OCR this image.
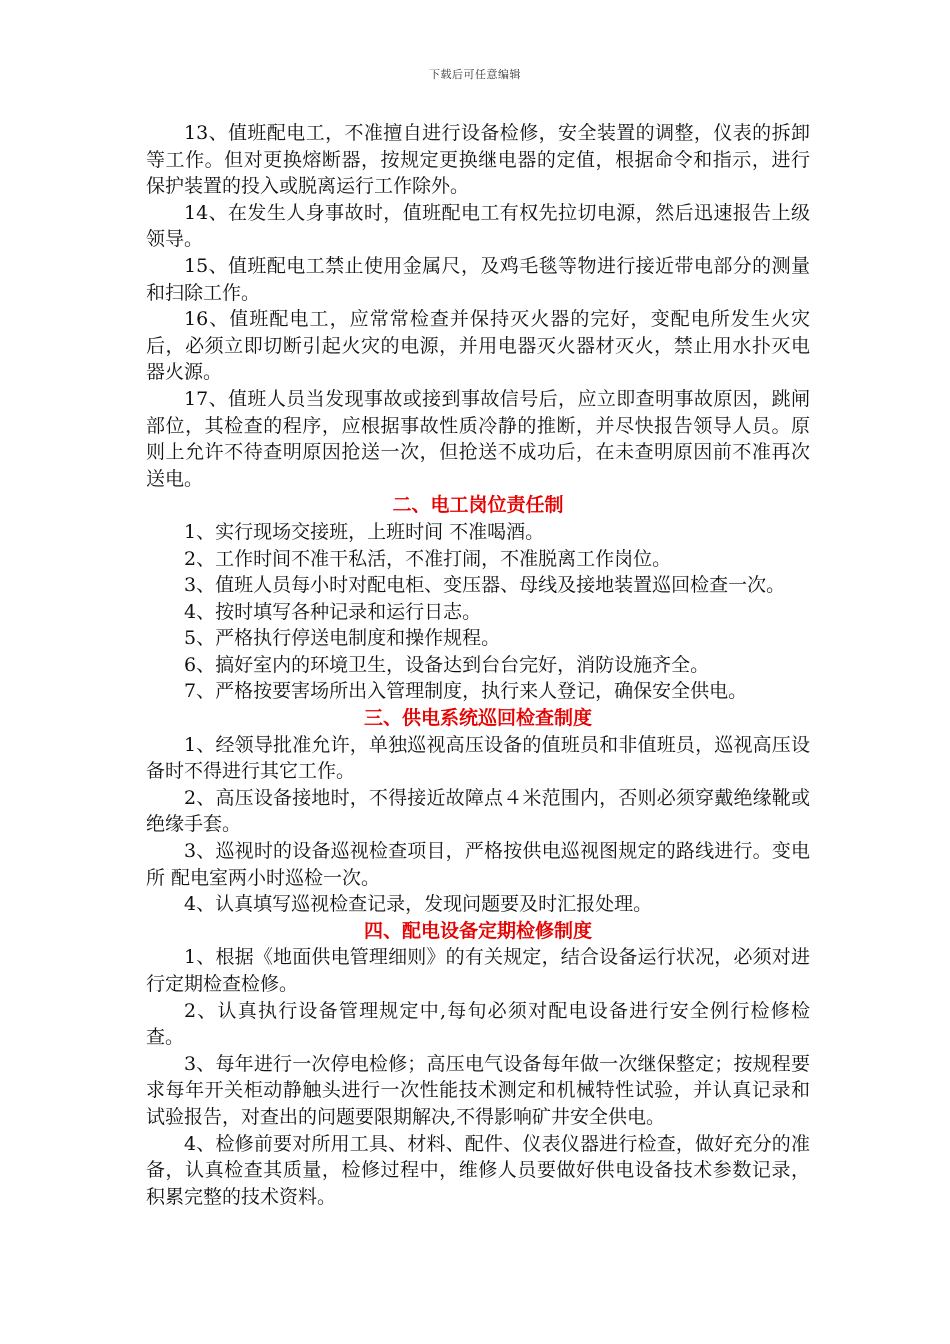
下载后可任意编辑

13、值班配电工，不准擅自进行设备检修，安全装置的调整，仪表的拆卸等工作。但对更换熔断器，按规定更换继电器的定值，根据命令和指示，进行保护装置的投入或脱离运行工作除外。

14、在发生人身事故时，值班配电工有权先拉切电源，然后迅速报告上级领导。

15、值班配电工禁止使用金属尺，及鸡毛毯等物进行接近带电部分的测量和扫除工作。

16、值班配电工，应常常检查并保持灭火器的完好，变配电所发生火灾后，必须立即切断引起火灾的电源，并用电器灭火器材灭火，禁止用水扑灭电器火源。

17、值班人员当发现事故或接到事故信号后，应立即查明事故原因，跳闸部位，其检查的程序，应根据事故性质冷静的推断，并尽快报告领导人员。原则上允许不待查明原因抢送一次，但抢送不成功后，在未查明原因前不准再次送电。

二、电工岗位责任制

1、实行现场交接班，上班时间 不准喝酒。

2、工作时间不准干私活，不准打闹，不准脱离工作岗位。

3、值班人员每小时对配电柜、变压器、母线及接地装置巡回检查一次。

4、按时填写各种记录和运行日志。

5、严格执行停送电制度和操作规程。

6、搞好室内的环境卫生，设备达到台台完好，消防设施齐全。

7、严格按要害场所出入管理制度，执行来人登记，确保安全供电。

三、供电系统巡回检查制度

1、经领导批准允许，单独巡视高压设备的值班员和非值班员，巡视高压设备时不得进行其它工作。

2、高压设备接地时，不得接近故障点４米范围内，否则必须穿戴绝缘靴或绝缘手套。

3、巡视时的设备巡视检查项目，严格按供电巡视图规定的路线进行。变电所 配电室两小时巡检一次。

4、认真填写巡视检查记录，发现问题要及时汇报处理。

四、配电设备定期检修制度

1、根据《地面供电管理细则》的有关规定，结合设备运行状况，必须对进行定期检查检修。

2、认真执行设备管理规定中,每旬必须对配电设备进行安全例行检修检查。

3、每年进行一次停电检修；高压电气设备每年做一次继保整定；按规程要求每年开关柜动静触头进行一次性能技术测定和机械特性试验，并认真记录和试验报告，对查出的问题要限期解决,不得影响矿井安全供电。

4、检修前要对所用工具、材料、配件、仪表仪器进行检查，做好充分的准备，认真检查其质量，检修过程中，维修人员要做好供电设备技术参数记录，积累完整的技术资料。
